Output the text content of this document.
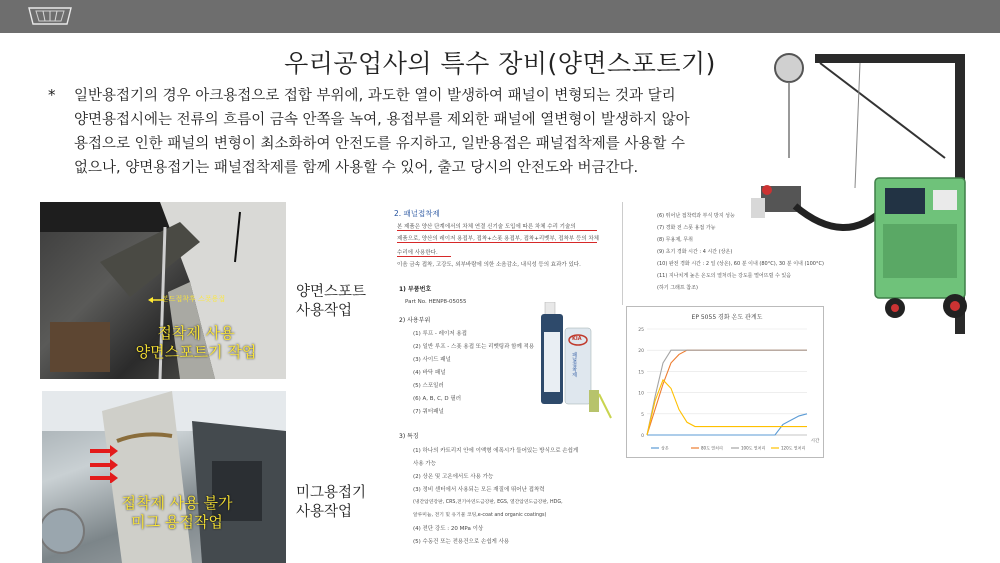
우리공업사의 특수 장비(양면스포트기)
* 일반용접기의 경우 아크용접으로 접합 부위에, 과도한 열이 발생하여 패널이 변형되는 것과 달리
양면용접시에는 전류의 흐름이 금속 안쪽을 녹여, 용접부를 제외한 패널에 열변형이 발생하지 않아
용접으로 인한 패널의 변형이 최소화하여 안전도를 유지하고, 일반용접은 패널접착제를 사용할 수
없으나, 양면용접기는 패널접착제를 함께 사용할 수 있어, 출고 당시의 안전도와 버금간다.

본드접착후 스폿용접
접착제 사용
양면스포트기 작업
접착제 사용 불가
미그 용접작업
양면스포트
사용작업
미그용접기
사용작업
2. 패널접착제
본 제품은 양산 단계에서의 차체 연결 신기술 도입에 따른 차체 수리 기술의
제품으로, 양산의 레이저 용접부, 접착+스폿 용접부, 접착+리벳부, 접착부 등의 차체
수리에 사용한다.
이음 금속 접착, 고강도, 외부바람에 의한 소음감소, 내식성 등의 효과가 있다.
1) 부품번호
Part No. HENP8-05055
2) 사용부위
(1) 루프 - 레이저 용접
(2) 일반 루프 - 스폿 용접 또는 리벳팅과 함께 적용
(3) 사이드 패널
(4) 바닥 패널
(5) 스포일러
(6) A, B, C, D 필러
(7) 쿼터패널
3) 특징
(1) 하나의 카트리지 안에 이액형 에폭시가 들어있는 방식으로 손쉽게
사용 가능
(2) 상온 및 고온에서도 사용 가능
(3) 정비 센터에서 사용되는 모든 재질에 뛰어난 접착력
(냉간압연강판, CRS,전기아연도금강판, EGS, 열간압연도금강판, HDG,
알루미늄, 전기 및 유기물 코팅,e-coat and organic coatings)
(4) 전단 강도 : 20 MPa 이상
(5) 수동건 또는 전용건으로 손쉽게 사용
패널접착제
KIA
(6) 뛰어난 접착력과 부식 방지 성능
(7) 경화 전 스폿 용접 가능
(8) 무용제, 무취
(9) 초기 경화 시간 : 4 시간 (상온)
(10) 완전 경화 시간 : 2 일 (상온), 60 분 이내 (80°C), 30 분 이내 (100°C)
(11) 지나치게 높은 온도의 열처리는 강도를 떨어뜨릴 수 있음
(하기 그래프 참조)
EP 5055 경화 온도 관계도
0
5
10
15
20
25
시간
상온	80도 열처리	100도 열처리	120도 열처리
